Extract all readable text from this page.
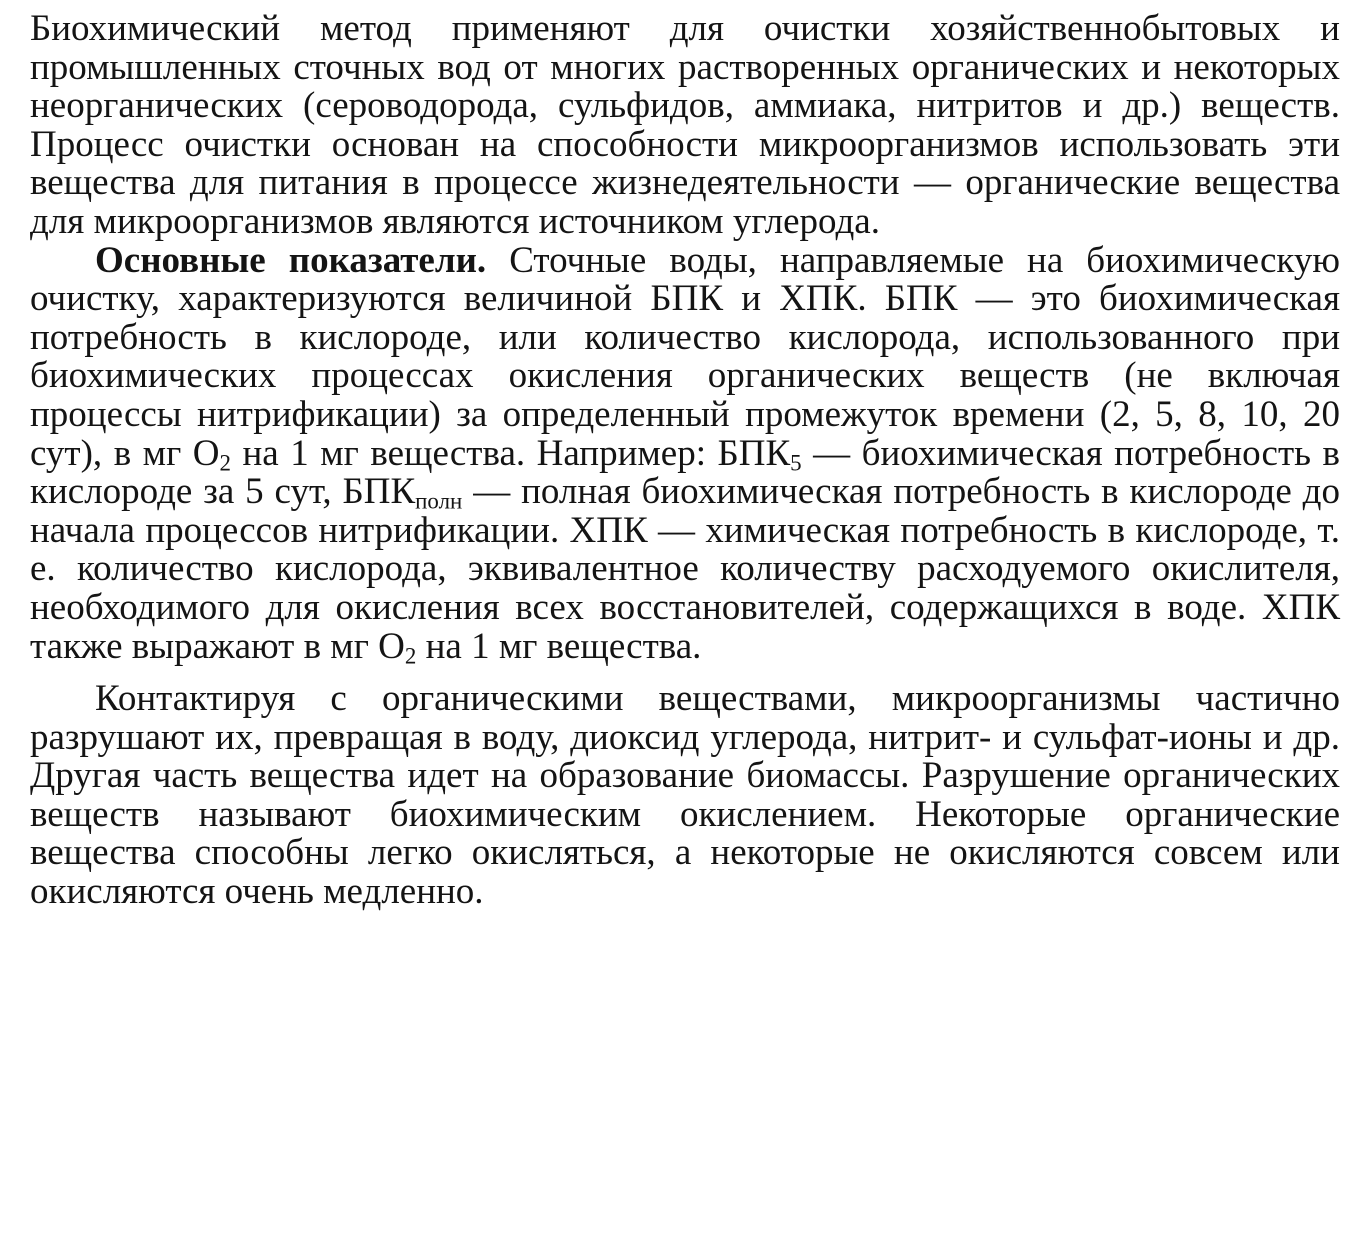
Биохимический метод применяют для очистки хозяйственнобытовых и промышленных сточных вод от многих растворенных органических и некоторых неорганических (сероводорода, сульфидов, аммиака, нитритов и др.) веществ. Процесс очистки основан на способности микроорганизмов использовать эти вещества для питания в процессе жизнедеятельности — органические вещества для микроорганизмов являются источником углерода.

Основные показатели. Сточные воды, направляемые на биохимическую очистку, характеризуются величиной БПК и ХПК. БПК — это биохимическая потребность в кислороде, или количество кислорода, использованного при биохимических процессах окисления органических веществ (не включая процессы нитрификации) за определенный промежуток времени (2, 5, 8, 10, 20 сут), в мг $O_2$ на 1 мг вещества. Например: $БПК_5$ — биохимическая потребность в кислороде за 5 сут, $БПК_{полн}$ — полная биохимическая потребность в кислороде до начала процессов нитрификации. ХПК — химическая потребность в кислороде, т. е. количество кислорода, эквивалентное количеству расходуемого окислителя, необходимого для окисления всех восстановителей, содержащихся в воде. ХПК также выражают в мг $O_2$ на 1 мг вещества.

Контактируя с органическими веществами, микроорганизмы частично разрушают их, превращая в воду, диоксид углерода, нитрит- и сульфат-ионы и др. Другая часть вещества идет на образование биомассы. Разрушение органических веществ называют биохимическим окислением. Некоторые органические вещества способны легко окисляться, а некоторые не окисляются совсем или окисляются очень медленно.
